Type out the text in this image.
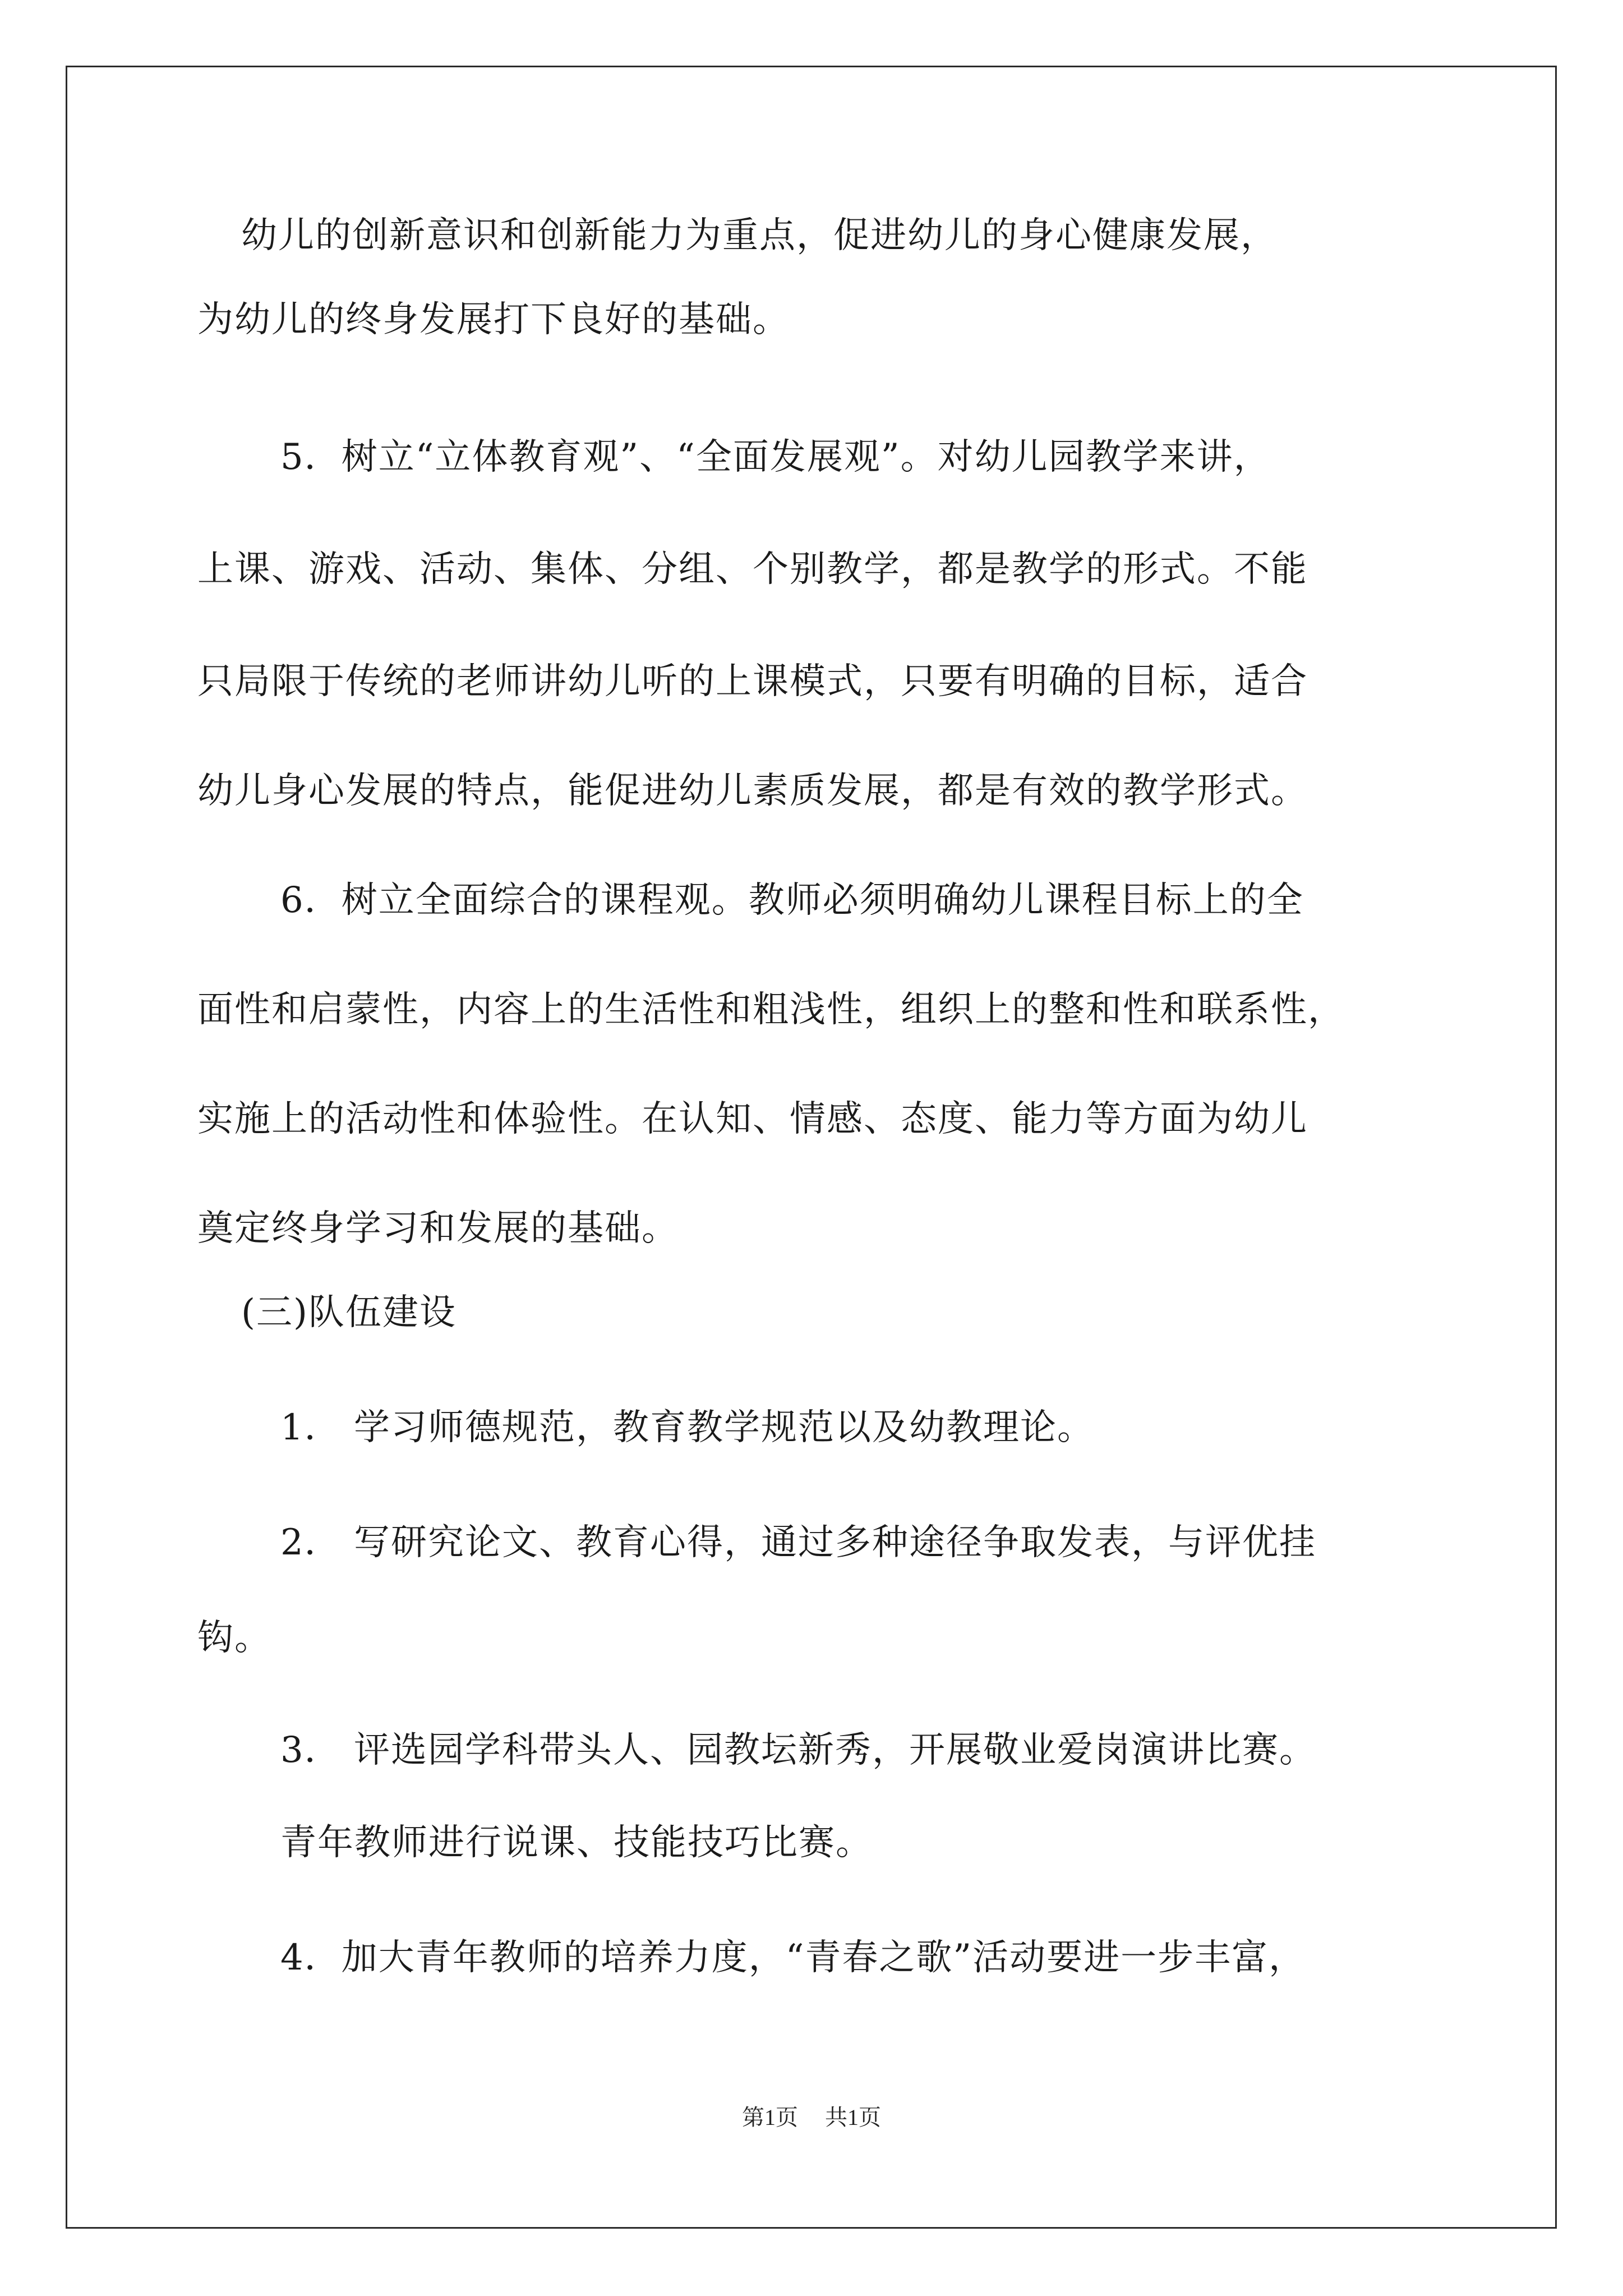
幼儿的创新意识和创新能力为重点，促进幼儿的身心健康发展，
为幼儿的终身发展打下良好的基础。
5．树立“立体教育观”、“全面发展观”。对幼儿园教学来讲，
上课、游戏、活动、集体、分组、个别教学，都是教学的形式。不能
只局限于传统的老师讲幼儿听的上课模式，只要有明确的目标，适合
幼儿身心发展的特点，能促进幼儿素质发展，都是有效的教学形式。
6．树立全面综合的课程观。教师必须明确幼儿课程目标上的全
面性和启蒙性，内容上的生活性和粗浅性，组织上的整和性和联系性，
实施上的活动性和体验性。在认知、情感、态度、能力等方面为幼儿
奠定终身学习和发展的基础。
(三)队伍建设
1． 学习师德规范，教育教学规范以及幼教理论。
2． 写研究论文、教育心得，通过多种途径争取发表，与评优挂
钩。
3． 评选园学科带头人、园教坛新秀，开展敬业爱岗演讲比赛。
青年教师进行说课、技能技巧比赛。
4．加大青年教师的培养力度，“青春之歌”活动要进一步丰富，
第1页 共1页
